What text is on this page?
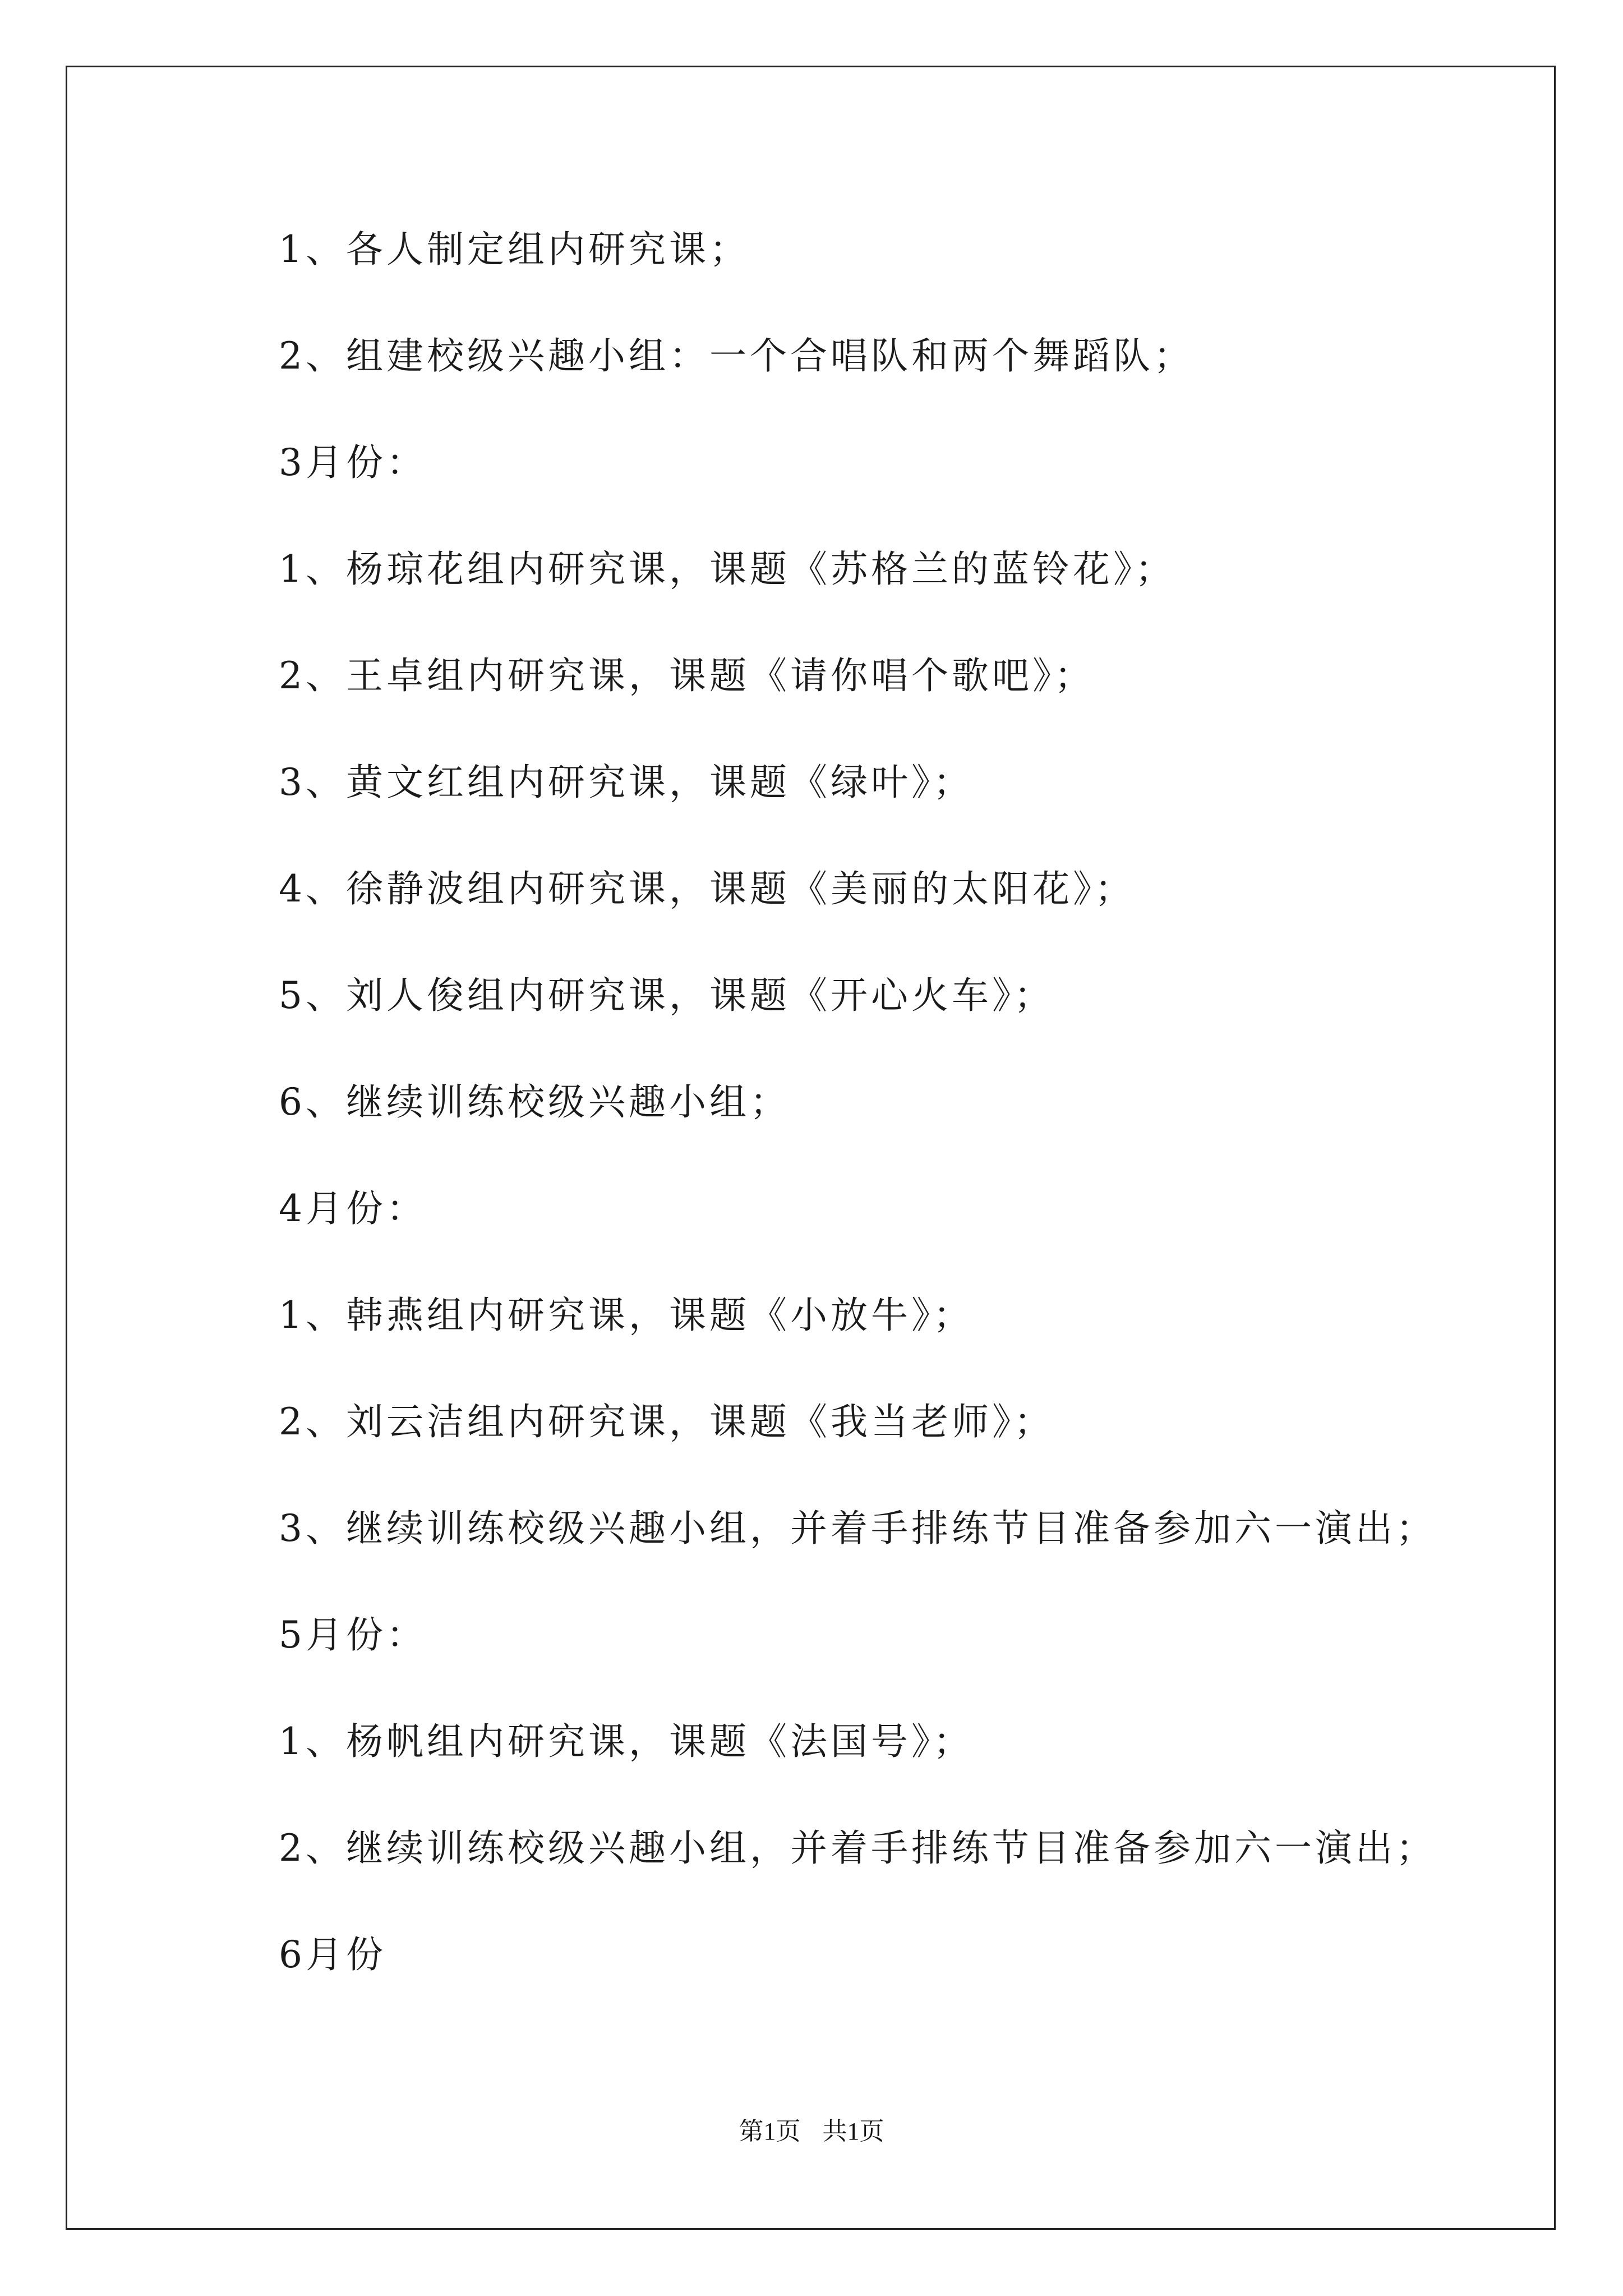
1、各人制定组内研究课；
2、组建校级兴趣小组：一个合唱队和两个舞蹈队；
3月份：
1、杨琼花组内研究课，课题《苏格兰的蓝铃花》；
2、王卓组内研究课，课题《请你唱个歌吧》；
3、黄文红组内研究课，课题《绿叶》；
4、徐静波组内研究课，课题《美丽的太阳花》；
5、刘人俊组内研究课，课题《开心火车》；
6、继续训练校级兴趣小组；
4月份：
1、韩燕组内研究课，课题《小放牛》；
2、刘云洁组内研究课，课题《我当老师》；
3、继续训练校级兴趣小组，并着手排练节目准备参加六一演出；
5月份：
1、杨帆组内研究课，课题《法国号》；
2、继续训练校级兴趣小组，并着手排练节目准备参加六一演出；
6月份
第1页 共1页
